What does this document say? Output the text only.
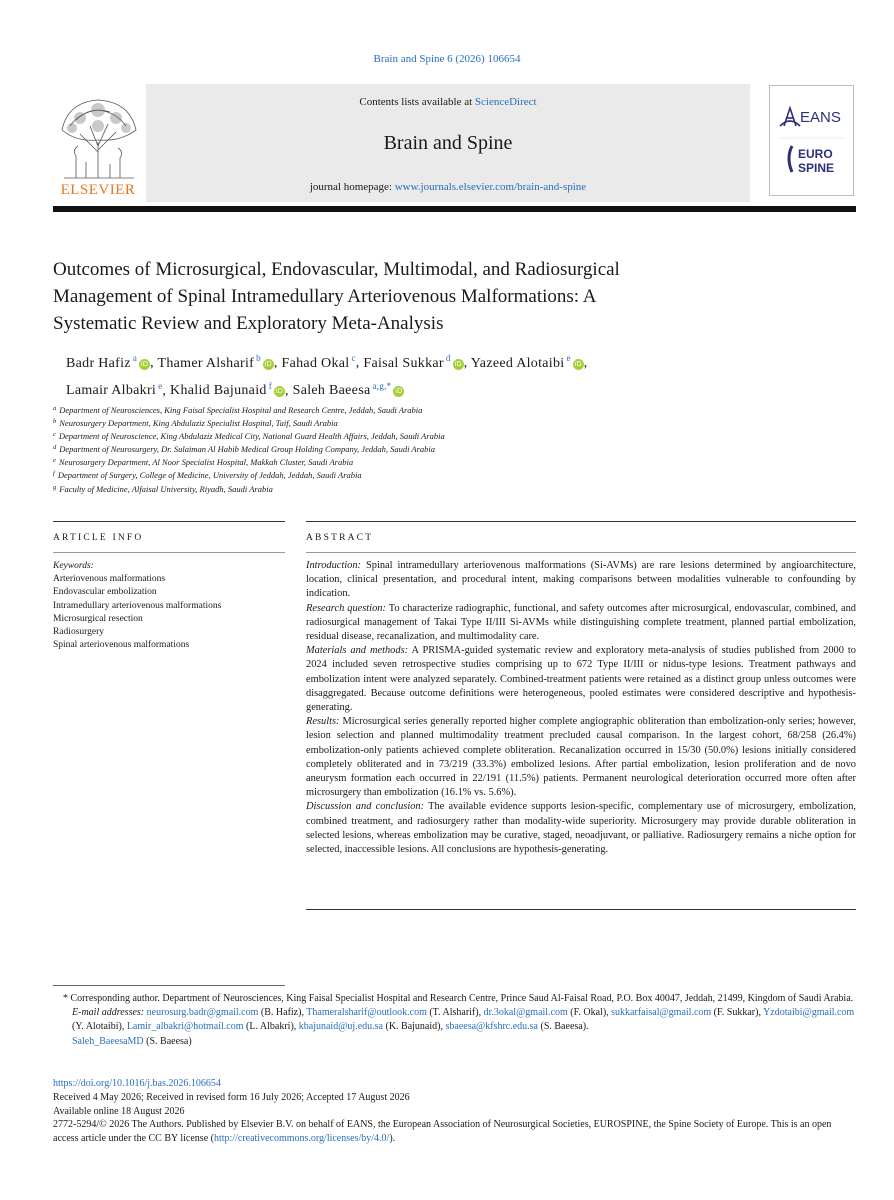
Brain and Spine 6 (2026) 106654
Contents lists available at ScienceDirect
Brain and Spine
journal homepage: www.journals.elsevier.com/brain-and-spine
ELSEVIER
EANS
EURO
SPINE
Outcomes of Microsurgical, Endovascular, Multimodal, and Radiosurgical
Management of Spinal Intramedullary Arteriovenous Malformations: A
Systematic Review and Exploratory Meta-Analysis
Badr Hafiz $^a$iD , Thamer Alsharif $^b$iD , Fahad Okal $^c$, Faisal Sukkar $^d$iD , Yazeed Alotaibi $^e$iD ,
Lamair Albakri $^e$, Khalid Bajunaid $^f$iD , Saleh Baeesa $^{a,g,*}$iD
$^a$ Department of Neurosciences, King Faisal Specialist Hospital and Research Centre, Jeddah, Saudi Arabia
$^b$ Neurosurgery Department, King Abdulaziz Specialist Hospital, Taif, Saudi Arabia
$^c$ Department of Neuroscience, King Abdulaziz Medical City, National Guard Health Affairs, Jeddah, Saudi Arabia
$^d$ Department of Neurosurgery, Dr. Sulaiman Al Habib Medical Group Holding Company, Jeddah, Saudi Arabia
$^e$ Neurosurgery Department, Al Noor Specialist Hospital, Makkah Cluster, Saudi Arabia
$^f$ Department of Surgery, College of Medicine, University of Jeddah, Jeddah, Saudi Arabia
$^g$ Faculty of Medicine, Alfaisal University, Riyadh, Saudi Arabia
ARTICLE INFO	ABSTRACT
Keywords:
Arteriovenous malformations
Endovascular embolization
Intramedullary arteriovenous malformations
Microsurgical resection
Radiosurgery
Spinal arteriovenous malformations

Introduction: Spinal intramedullary arteriovenous malformations (Si-AVMs) are rare lesions determined by angioarchitecture, location, clinical presentation, and procedural intent, making comparisons between modalities vulnerable to confounding by indication.

Research question: To characterize radiographic, functional, and safety outcomes after microsurgical, endovascular, combined, and radiosurgical management of Takai Type II/III Si-AVMs while distinguishing complete treatment, planned partial embolization, residual disease, recanalization, and multimodality care.

Materials and methods: A PRISMA-guided systematic review and exploratory meta-analysis of studies published from 2000 to 2024 included seven retrospective studies comprising up to 672 Type II/III or nidus-type lesions. Treatment pathways and embolization intent were analyzed separately. Combined-treatment patients were retained as a distinct group unless outcomes were disaggregated. Because outcome definitions were heterogeneous, pooled estimates were considered descriptive and hypothesis-generating.

Results: Microsurgical series generally reported higher complete angiographic obliteration than embolization-only series; however, lesion selection and planned multimodality treatment precluded causal comparison. In the largest cohort, 68/258 (26.4%) embolization-only patients achieved complete obliteration. Recanalization occurred in 15/30 (50.0%) lesions initially considered completely obliterated and in 73/219 (33.3%) embolized lesions. After partial embolization, lesion proliferation and de novo aneurysm formation each occurred in 22/191 (11.5%) patients. Permanent neurological deterioration occurred more often after microsurgery than embolization (16.1% vs. 5.6%).

Discussion and conclusion: The available evidence supports lesion-specific, complementary use of microsurgery, embolization, combined treatment, and radiosurgery rather than modality-wide superiority. Microsurgery may provide durable obliteration in selected lesions, whereas embolization may be curative, staged, neoadjuvant, or palliative. Radiosurgery remains a niche option for selected, inaccessible lesions. All conclusions are hypothesis-generating.

* Corresponding author. Department of Neurosciences, King Faisal Specialist Hospital and Research Centre, Prince Saud Al-Faisal Road, P.O. Box 40047, Jeddah, 21499, Kingdom of Saudi Arabia.
E-mail addresses: neurosurg.badr@gmail.com (B. Hafiz), Thameralsharif@outlook.com (T. Alsharif), dr.3okal@gmail.com (F. Okal), sukkarfaisal@gmail.com (F. Sukkar), Yzdotaibi@gmail.com (Y. Alotaibi), Lamir_albakri@hotmail.com (L. Albakri), kbajunaid@uj.edu.sa (K. Bajunaid), sbaeesa@kfshrc.edu.sa (S. Baeesa).
Saleh_BaeesaMD (S. Baeesa)
https://doi.org/10.1016/j.bas.2026.106654
Received 4 May 2026; Received in revised form 16 July 2026; Accepted 17 August 2026
Available online 18 August 2026
2772-5294/© 2026 The Authors. Published by Elsevier B.V. on behalf of EANS, the European Association of Neurosurgical Societies, EUROSPINE, the Spine Society of Europe. This is an open access article under the CC BY license (http://creativecommons.org/licenses/by/4.0/).
